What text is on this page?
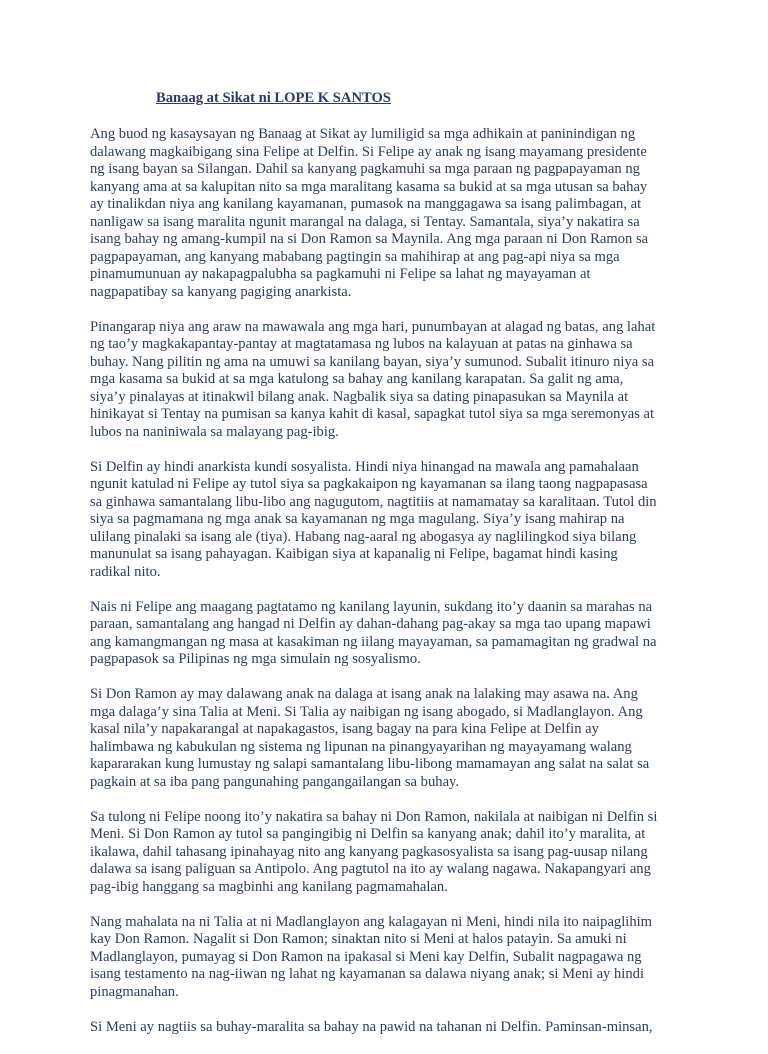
Banaag at Sikat ni LOPE K SANTOS

Ang buod ng kasaysayan ng Banaag at Sikat ay lumiligid sa mga adhikain at paninindigan ng
dalawang magkaibigang sina Felipe at Delfin. Si Felipe ay anak ng isang mayamang presidente
ng isang bayan sa Silangan. Dahil sa kanyang pagkamuhi sa mga paraan ng pagpapayaman ng
kanyang ama at sa kalupitan nito sa mga maralitang kasama sa bukid at sa mga utusan sa bahay
ay tinalikdan niya ang kanilang kayamanan, pumasok na manggagawa sa isang palimbagan, at
nanligaw sa isang maralita ngunit marangal na dalaga, si Tentay. Samantala, siya’y nakatira sa
isang bahay ng amang-kumpil na si Don Ramon sa Maynila. Ang mga paraan ni Don Ramon sa
pagpapayaman, ang kanyang mababang pagtingin sa mahihirap at ang pag-api niya sa mga
pinamumunuan ay nakapagpalubha sa pagkamuhi ni Felipe sa lahat ng mayayaman at
nagpapatibay sa kanyang pagiging anarkista.

Pinangarap niya ang araw na mawawala ang mga hari, punumbayan at alagad ng batas, ang lahat
ng tao’y magkakapantay-pantay at magtatamasa ng lubos na kalayuan at patas na ginhawa sa
buhay. Nang pilitin ng ama na umuwi sa kanilang bayan, siya’y sumunod. Subalit itinuro niya sa
mga kasama sa bukid at sa mga katulong sa bahay ang kanilang karapatan. Sa galit ng ama,
siya’y pinalayas at itinakwil bilang anak. Nagbalik siya sa dating pinapasukan sa Maynila at
hinikayat si Tentay na pumisan sa kanya kahit di kasal, sapagkat tutol siya sa mga seremonyas at
lubos na naniniwala sa malayang pag-ibig.

Si Delfin ay hindi anarkista kundi sosyalista. Hindi niya hinangad na mawala ang pamahalaan
ngunit katulad ni Felipe ay tutol siya sa pagkakaipon ng kayamanan sa ilang taong nagpapasasa
sa ginhawa samantalang libu-libo ang nagugutom, nagtitiis at namamatay sa karalitaan. Tutol din
siya sa pagmamana ng mga anak sa kayamanan ng mga magulang. Siya’y isang mahirap na
ulilang pinalaki sa isang ale (tiya). Habang nag-aaral ng abogasya ay naglilingkod siya bilang
manunulat sa isang pahayagan. Kaibigan siya at kapanalig ni Felipe, bagamat hindi kasing
radikal nito.

Nais ni Felipe ang maagang pagtatamo ng kanilang layunin, sukdang ito’y daanin sa marahas na
paraan, samantalang ang hangad ni Delfin ay dahan-dahang pag-akay sa mga tao upang mapawi
ang kamangmangan ng masa at kasakiman ng iilang mayayaman, sa pamamagitan ng gradwal na
pagpapasok sa Pilipinas ng mga simulain ng sosyalismo.

Si Don Ramon ay may dalawang anak na dalaga at isang anak na lalaking may asawa na. Ang
mga dalaga’y sina Talia at Meni. Si Talia ay naibigan ng isang abogado, si Madlanglayon. Ang
kasal nila’y napakarangal at napakagastos, isang bagay na para kina Felipe at Delfin ay
halimbawa ng kabukulan ng sistema ng lipunan na pinangyayarihan ng mayayamang walang
kapararakan kung lumustay ng salapi samantalang libu-libong mamamayan ang salat na salat sa
pagkain at sa iba pang pangunahing pangangailangan sa buhay.

Sa tulong ni Felipe noong ito’y nakatira sa bahay ni Don Ramon, nakilala at naibigan ni Delfin si
Meni. Si Don Ramon ay tutol sa pangingibig ni Delfin sa kanyang anak; dahil ito’y maralita, at
ikalawa, dahil tahasang ipinahayag nito ang kanyang pagkasosyalista sa isang pag-uusap nilang
dalawa sa isang paliguan sa Antipolo. Ang pagtutol na ito ay walang nagawa. Nakapangyari ang
pag-ibig hanggang sa magbinhi ang kanilang pagmamahalan.

Nang mahalata na ni Talia at ni Madlanglayon ang kalagayan ni Meni, hindi nila ito naipaglihim
kay Don Ramon. Nagalit si Don Ramon; sinaktan nito si Meni at halos patayin. Sa amuki ni
Madlanglayon, pumayag si Don Ramon na ipakasal si Meni kay Delfin, Subalit nagpagawa ng
isang testamento na nag-iiwan ng lahat ng kayamanan sa dalawa niyang anak; si Meni ay hindi
pinagmanahan.

Si Meni ay nagtiis sa buhay-maralita sa bahay na pawid na tahanan ni Delfin. Paminsan-minsan,
